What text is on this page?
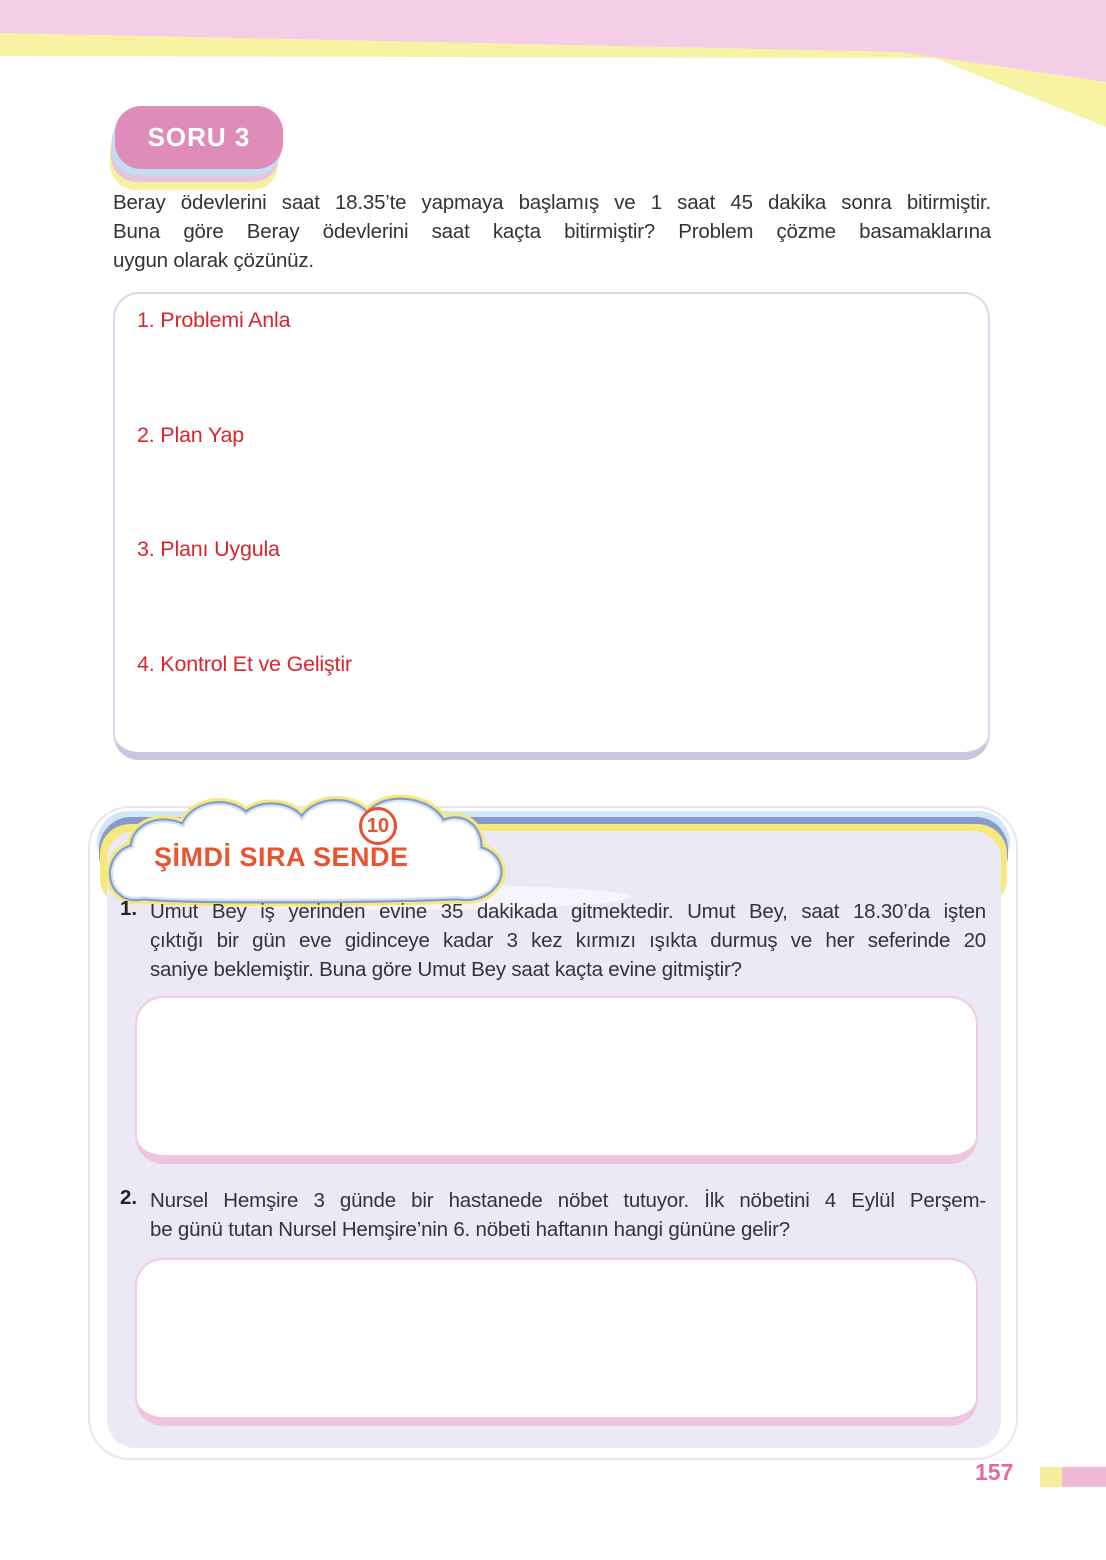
SORU 3
Beray ödevlerini saat 18.35’te yapmaya başlamış ve 1 saat 45 dakika sonra bitirmiştir.
Buna göre Beray ödevlerini saat kaçta bitirmiştir? Problem çözme basamaklarına
uygun olarak çözünüz.
1. Problemi Anla
2. Plan Yap
3. Planı Uygula
4. Kontrol Et ve Geliştir
10
ŞİMDİ SIRA SENDE
1. Umut Bey iş yerinden evine 35 dakikada gitmektedir. Umut Bey, saat 18.30’da işten
çıktığı bir gün eve gidinceye kadar 3 kez kırmızı ışıkta durmuş ve her seferinde 20
saniye beklemiştir. Buna göre Umut Bey saat kaçta evine gitmiştir?
2. Nursel Hemşire 3 günde bir hastanede nöbet tutuyor. İlk nöbetini 4 Eylül Perşem-
be günü tutan Nursel Hemşire’nin 6. nöbeti haftanın hangi gününe gelir?
157
